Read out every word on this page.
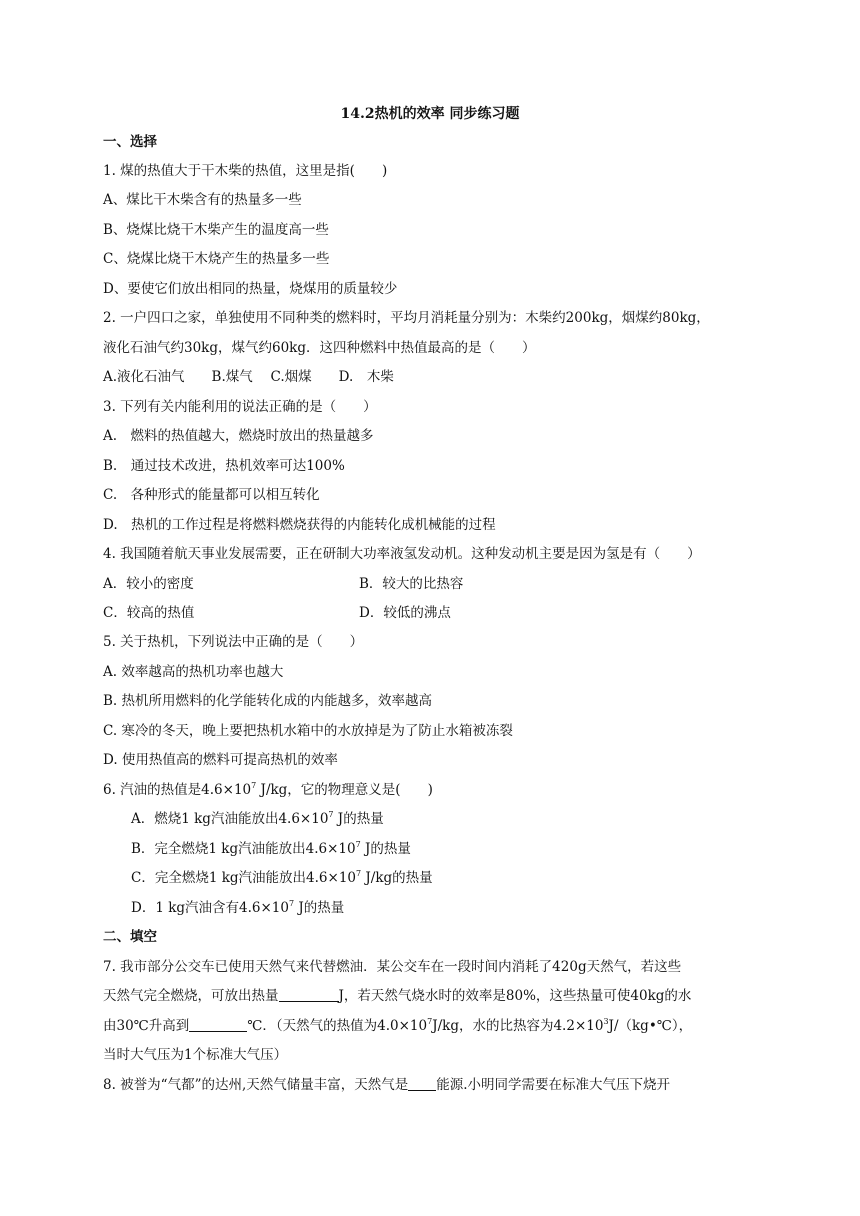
14.2热机的效率 同步练习题
一、选择
1. 煤的热值大于干木柴的热值，这里是指(　　)
A、煤比干木柴含有的热量多一些
B、烧煤比烧干木柴产生的温度高一些
C、烧煤比烧干木烧产生的热量多一些
D、要使它们放出相同的热量，烧煤用的质量较少
2. 一户四口之家，单独使用不同种类的燃料时，平均月消耗量分别为：木柴约200kg，烟煤约80kg，
液化石油气约30kg，煤气约60kg．这四种燃料中热值最高的是（　　）
A.液化石油气　　B.煤气　 C.烟煤　　D.　木柴
3. 下列有关内能利用的说法正确的是（　　）
A.　燃料的热值越大，燃烧时放出的热量越多
B.　通过技术改进，热机效率可达100%
C.　各种形式的能量都可以相互转化
D.　热机的工作过程是将燃料燃烧获得的内能转化成机械能的过程
4. 我国随着航天事业发展需要，正在研制大功率液氢发动机。这种发动机主要是因为氢是有（　　）
A．较小的密度	B．较大的比热容
C．较高的热值	D．较低的沸点
5. 关于热机，下列说法中正确的是（　　）
A. 效率越高的热机功率也越大
B. 热机所用燃料的化学能转化成的内能越多，效率越高
C. 寒冷的冬天，晚上要把热机水箱中的水放掉是为了防止水箱被冻裂
D. 使用热值高的燃料可提高热机的效率
6. 汽油的热值是$4.6\times 10^7$ J/kg，它的物理意义是(　　)
A．燃烧1 kg汽油能放出$4.6\times 10^7$ J的热量
B．完全燃烧1 kg汽油能放出$4.6\times 10^7$ J的热量
C．完全燃烧1 kg汽油能放出$4.6\times 10^7$ J/kg的热量
D．1 kg汽油含有$4.6\times 10^7$ J的热量
二、填空
7. 我市部分公交车已使用天然气来代替燃油．某公交车在一段时间内消耗了420g天然气，若这些
天然气完全燃烧，可放出热量	J，若天然气烧水时的效率是80%，这些热量可使40kg的水
由30℃升高到	℃．（天然气的热值为$4.0\times 10^7J/kg$，水的比热容为$4.2\times 10^3J/(kg•℃)$，
当时大气压为1个标准大气压）
8. 被誉为“气都”的达州,天然气储量丰富，天然气是 能源.小明同学需要在标准大气压下烧开
